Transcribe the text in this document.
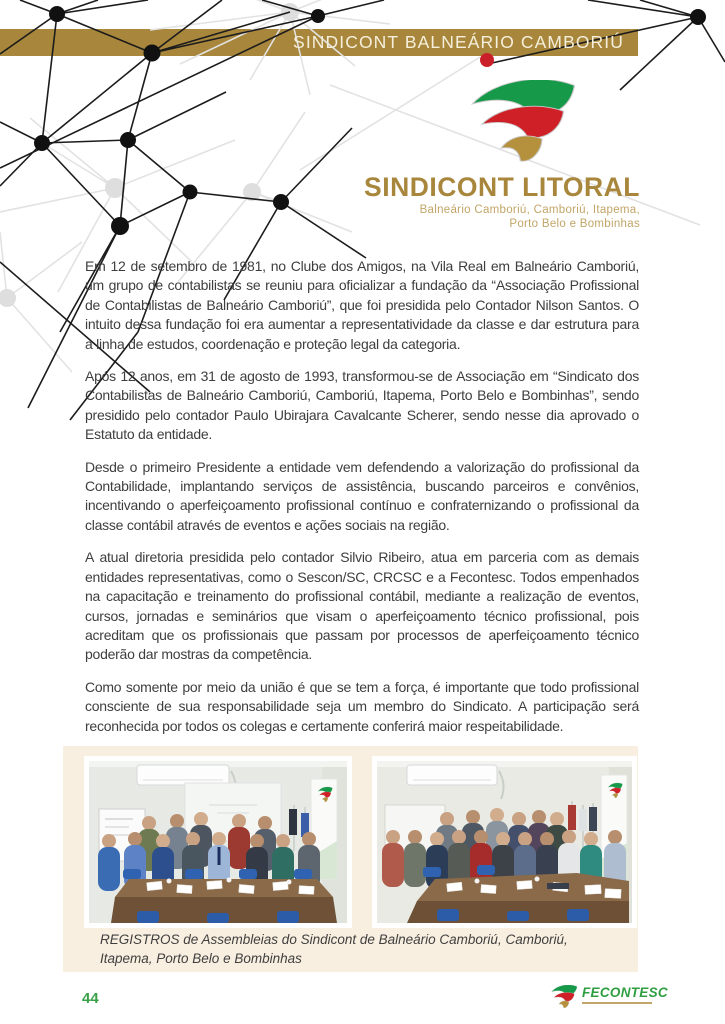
SINDICONT BALNEÁRIO CAMBORIÚ
SINDICONT LITORAL
Balneário Camboriú, Camboriú, Itapema,
Porto Belo e Bombinhas

Em 12 de setembro de 1981, no Clube dos Amigos, na Vila Real em Balneário Camboriú, um grupo de contabilistas se reuniu para oficializar a fundação da “Associação Profissional de Contabilistas de Balneário Camboriú”, que foi presidida pelo Contador Nilson Santos. O intuito dessa fundação foi era aumentar a representatividade da classe e dar estrutura para a linha de estudos, coordenação e proteção legal da categoria.

Após 12 anos, em 31 de agosto de 1993, transformou-se de Associação em “Sindicato dos Contabilistas de Balneário Camboriú, Camboriú, Itapema, Porto Belo e Bombinhas”, sendo presidido pelo contador Paulo Ubirajara Cavalcante Scherer, sendo nesse dia aprovado o Estatuto da entidade.

Desde o primeiro Presidente a entidade vem defendendo a valorização do profissional da Contabilidade, implantando serviços de assistência, buscando parceiros e convênios, incentivando o aperfeiçoamento profissional contínuo e confraternizando o profissional da classe contábil através de eventos e ações sociais na região.

A atual diretoria presidida pelo contador Silvio Ribeiro, atua em parceria com as demais entidades representativas, como o Sescon/SC, CRCSC e a Fecontesc. Todos empenhados na capacitação e treinamento do profissional contábil, mediante a realização de eventos, cursos, jornadas e seminários que visam o aperfeiçoamento técnico profissional, pois acreditam que os profissionais que passam por processos de aperfeiçoamento técnico poderão dar mostras da competência.

Como somente por meio da união é que se tem a força, é importante que todo profissional consciente de sua responsabilidade seja um membro do Sindicato. A participação será reconhecida por todos os colegas e certamente conferirá maior respeitabilidade.

REGISTROS de Assembleias do Sindicont de Balneário Camboriú, Camboriú, Itapema, Porto Belo e Bombinhas

44	FECONTESC
